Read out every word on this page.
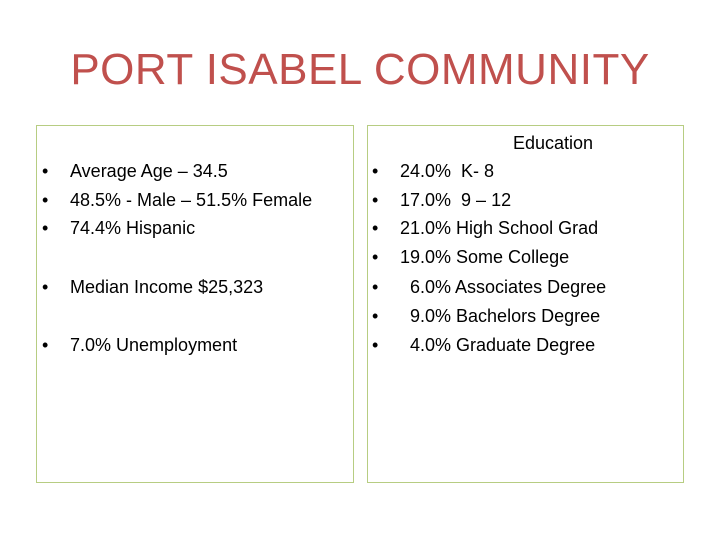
PORT ISABEL COMMUNITY
• Average Age – 34.5
• 48.5% - Male – 51.5% Female
• 74.4% Hispanic
• Median Income $25,323
• 7.0% Unemployment
Education
• 24.0%  K- 8
• 17.0%  9 – 12
• 21.0% High School Grad
• 19.0% Some College
• 6.0% Associates Degree
• 9.0% Bachelors Degree
• 4.0% Graduate Degree
